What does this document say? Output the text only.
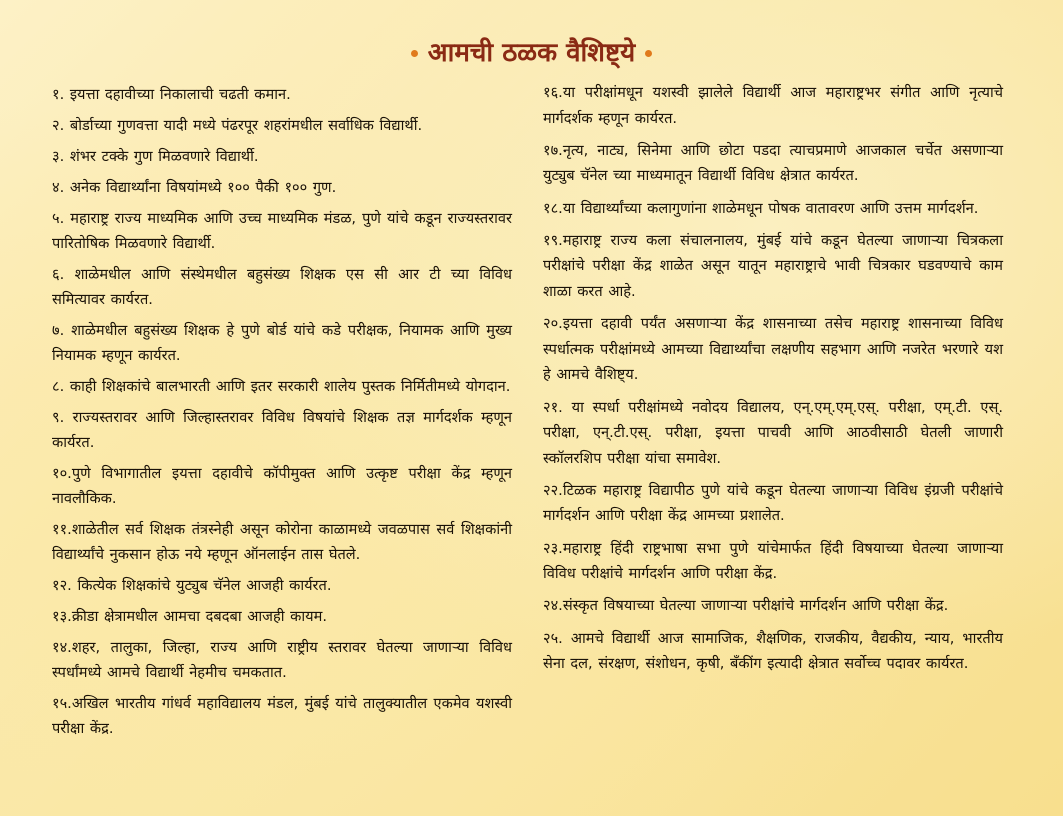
आमची ठळक वैशिष्ट्ये

१. इयत्ता दहावीच्या निकालाची चढती कमान.

२. बोर्डाच्या गुणवत्ता यादी मध्ये पंढरपूर शहरांमधील सर्वाधिक विद्यार्थी.

३. शंभर टक्के गुण मिळवणारे विद्यार्थी.

४. अनेक विद्यार्थ्यांना विषयांमध्ये १०० पैकी १०० गुण.

५. महाराष्ट्र राज्य माध्यमिक आणि उच्च माध्यमिक मंडळ, पुणे यांचे कडून राज्यस्तरावर पारितोषिक मिळवणारे विद्यार्थी.

६. शाळेमधील आणि संस्थेमधील बहुसंख्य शिक्षक एस सी आर टी च्या विविध समित्यावर कार्यरत.

७. शाळेमधील बहुसंख्य शिक्षक हे पुणे बोर्ड यांचे कडे परीक्षक, नियामक आणि मुख्य नियामक म्हणून कार्यरत.

८. काही शिक्षकांचे बालभारती आणि इतर सरकारी शालेय पुस्तक निर्मितीमध्ये योगदान.

९. राज्यस्तरावर आणि जिल्हास्तरावर विविध विषयांचे शिक्षक तज्ञ मार्गदर्शक म्हणून कार्यरत.

१०.पुणे विभागातील इयत्ता दहावीचे कॉपीमुक्त आणि उत्कृष्ट परीक्षा केंद्र म्हणून नावलौकिक.

११.शाळेतील सर्व शिक्षक तंत्रस्नेही असून कोरोना काळामध्ये जवळपास सर्व शिक्षकांनी विद्यार्थ्यांचे नुकसान होऊ नये म्हणून ऑनलाईन तास घेतले.

१२. कित्येक शिक्षकांचे युट्युब चॅनेल आजही कार्यरत.

१३.क्रीडा क्षेत्रामधील आमचा दबदबा आजही कायम.

१४.शहर, तालुका, जिल्हा, राज्य आणि राष्ट्रीय स्तरावर घेतल्या जाणाऱ्या विविध स्पर्धांमध्ये आमचे विद्यार्थी नेहमीच चमकतात.

१५.अखिल भारतीय गांधर्व महाविद्यालय मंडल, मुंबई यांचे तालुक्यातील एकमेव यशस्वी परीक्षा केंद्र.

१६.या परीक्षांमधून यशस्वी झालेले विद्यार्थी आज महाराष्ट्रभर संगीत आणि नृत्याचे मार्गदर्शक म्हणून कार्यरत.

१७.नृत्य, नाट्य, सिनेमा आणि छोटा पडदा त्याचप्रमाणे आजकाल चर्चेत असणाऱ्या युट्युब चॅनेल च्या माध्यमातून विद्यार्थी विविध क्षेत्रात कार्यरत.

१८.या विद्यार्थ्यांच्या कलागुणांना शाळेमधून पोषक वातावरण आणि उत्तम मार्गदर्शन.

१९.महाराष्ट्र राज्य कला संचालनालय, मुंबई यांचे कडून घेतल्या जाणाऱ्या चित्रकला परीक्षांचे परीक्षा केंद्र शाळेत असून यातून महाराष्ट्राचे भावी चित्रकार घडवण्याचे काम शाळा करत आहे.

२०.इयत्ता दहावी पर्यंत असणाऱ्या केंद्र शासनाच्या तसेच महाराष्ट्र शासनाच्या विविध स्पर्धात्मक परीक्षांमध्ये आमच्या विद्यार्थ्यांचा लक्षणीय सहभाग आणि नजरेत भरणारे यश हे आमचे वैशिष्ट्य.

२१. या स्पर्धा परीक्षांमध्ये नवोदय विद्यालय, एन्.एम्.एम्.एस्. परीक्षा, एम्.टी. एस्. परीक्षा, एन्.टी.एस्. परीक्षा, इयत्ता पाचवी आणि आठवीसाठी घेतली जाणारी स्कॉलरशिप परीक्षा यांचा समावेश.

२२.टिळक महाराष्ट्र विद्यापीठ पुणे यांचे कडून घेतल्या जाणाऱ्या विविध इंग्रजी परीक्षांचे मार्गदर्शन आणि परीक्षा केंद्र आमच्या प्रशालेत.

२३.महाराष्ट्र हिंदी राष्ट्रभाषा सभा पुणे यांचेमार्फत हिंदी विषयाच्या घेतल्या जाणाऱ्या विविध परीक्षांचे मार्गदर्शन आणि परीक्षा केंद्र.

२४.संस्कृत विषयाच्या घेतल्या जाणाऱ्या परीक्षांचे मार्गदर्शन आणि परीक्षा केंद्र.

२५. आमचे विद्यार्थी आज सामाजिक, शैक्षणिक, राजकीय, वैद्यकीय, न्याय, भारतीय सेना दल, संरक्षण, संशोधन, कृषी, बँकींग इत्यादी क्षेत्रात सर्वोच्च पदावर कार्यरत.
